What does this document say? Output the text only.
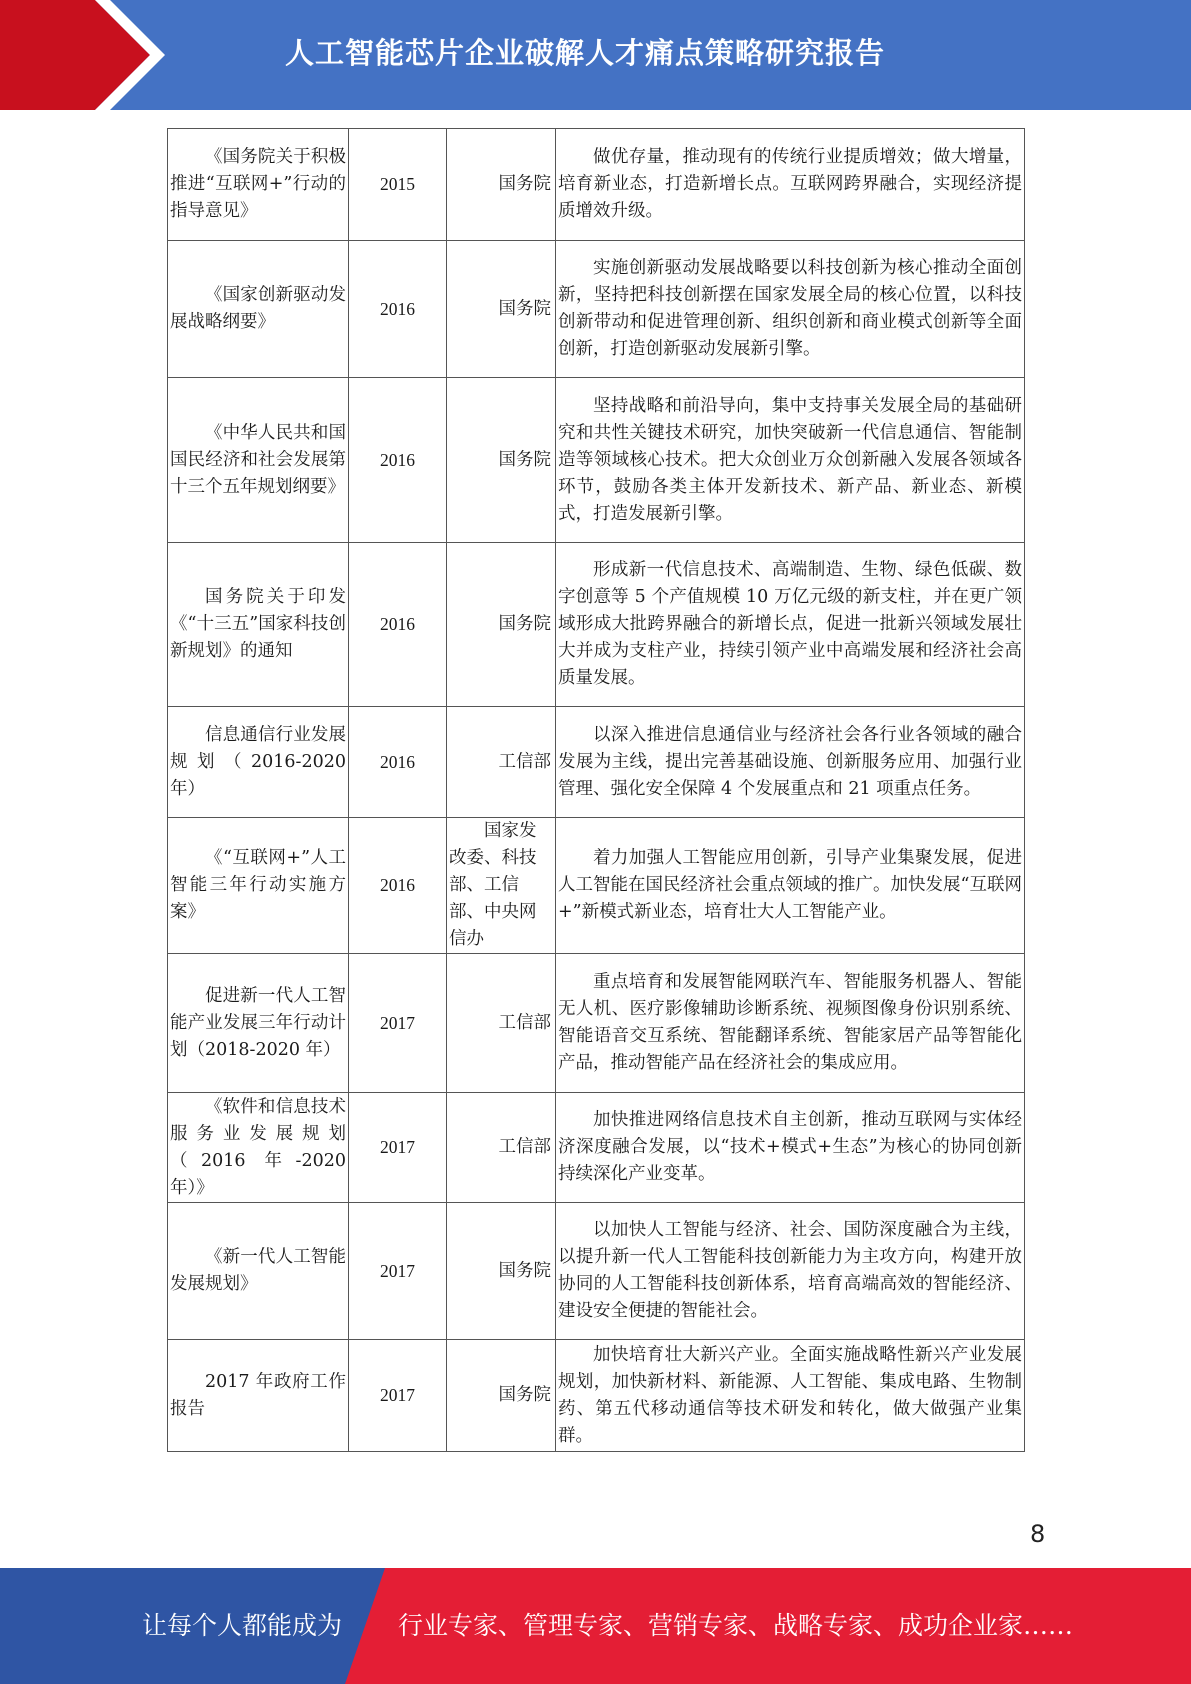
人工智能芯片企业破解人才痛点策略研究报告
《国务院关于积极推进“互联网+”行动的指导意见》	2015	国务院	做优存量，推动现有的传统行业提质增效；做大增量，培育新业态，打造新增长点。互联网跨界融合，实现经济提质增效升级。
《国家创新驱动发展战略纲要》	2016	国务院	实施创新驱动发展战略要以科技创新为核心推动全面创新，坚持把科技创新摆在国家发展全局的核心位置，以科技创新带动和促进管理创新、组织创新和商业模式创新等全面创新，打造创新驱动发展新引擎。
《中华人民共和国国民经济和社会发展第十三个五年规划纲要》	2016	国务院	坚持战略和前沿导向，集中支持事关发展全局的基础研究和共性关键技术研究，加快突破新一代信息通信、智能制造等领域核心技术。把大众创业万众创新融入发展各领域各环节，鼓励各类主体开发新技术、新产品、新业态、新模式，打造发展新引擎。
国务院关于印发《“十三五”国家科技创新规划》的通知	2016	国务院	形成新一代信息技术、高端制造、生物、绿色低碳、数字创意等 5 个产值规模 10 万亿元级的新支柱，并在更广领域形成大批跨界融合的新增长点，促进一批新兴领域发展壮大并成为支柱产业，持续引领产业中高端发展和经济社会高质量发展。
信息通信行业发展规划（2016-2020 年）	2016	工信部	以深入推进信息通信业与经济社会各行业各领域的融合发展为主线，提出完善基础设施、创新服务应用、加强行业管理、强化安全保障 4 个发展重点和 21 项重点任务。
《“互联网+”人工智能三年行动实施方案》	2016	国家发改委、科技部、工信部、中央网信办	着力加强人工智能应用创新，引导产业集聚发展，促进人工智能在国民经济社会重点领域的推广。加快发展“互联网+”新模式新业态，培育壮大人工智能产业。
促进新一代人工智能产业发展三年行动计划（2018-2020 年）	2017	工信部	重点培育和发展智能网联汽车、智能服务机器人、智能无人机、医疗影像辅助诊断系统、视频图像身份识别系统、智能语音交互系统、智能翻译系统、智能家居产品等智能化产品，推动智能产品在经济社会的集成应用。
《软件和信息技术服务业发展规划（2016 年-2020 年）》	2017	工信部	加快推进网络信息技术自主创新，推动互联网与实体经济深度融合发展，以“技术+模式+生态”为核心的协同创新持续深化产业变革。
《新一代人工智能发展规划》	2017	国务院	以加快人工智能与经济、社会、国防深度融合为主线，以提升新一代人工智能科技创新能力为主攻方向，构建开放协同的人工智能科技创新体系，培育高端高效的智能经济、建设安全便捷的智能社会。
2017 年政府工作报告	2017	国务院	加快培育壮大新兴产业。全面实施战略性新兴产业发展规划，加快新材料、新能源、人工智能、集成电路、生物制药、第五代移动通信等技术研发和转化，做大做强产业集群。
8
让每个人都能成为 行业专家、管理专家、营销专家、战略专家、成功企业家……
